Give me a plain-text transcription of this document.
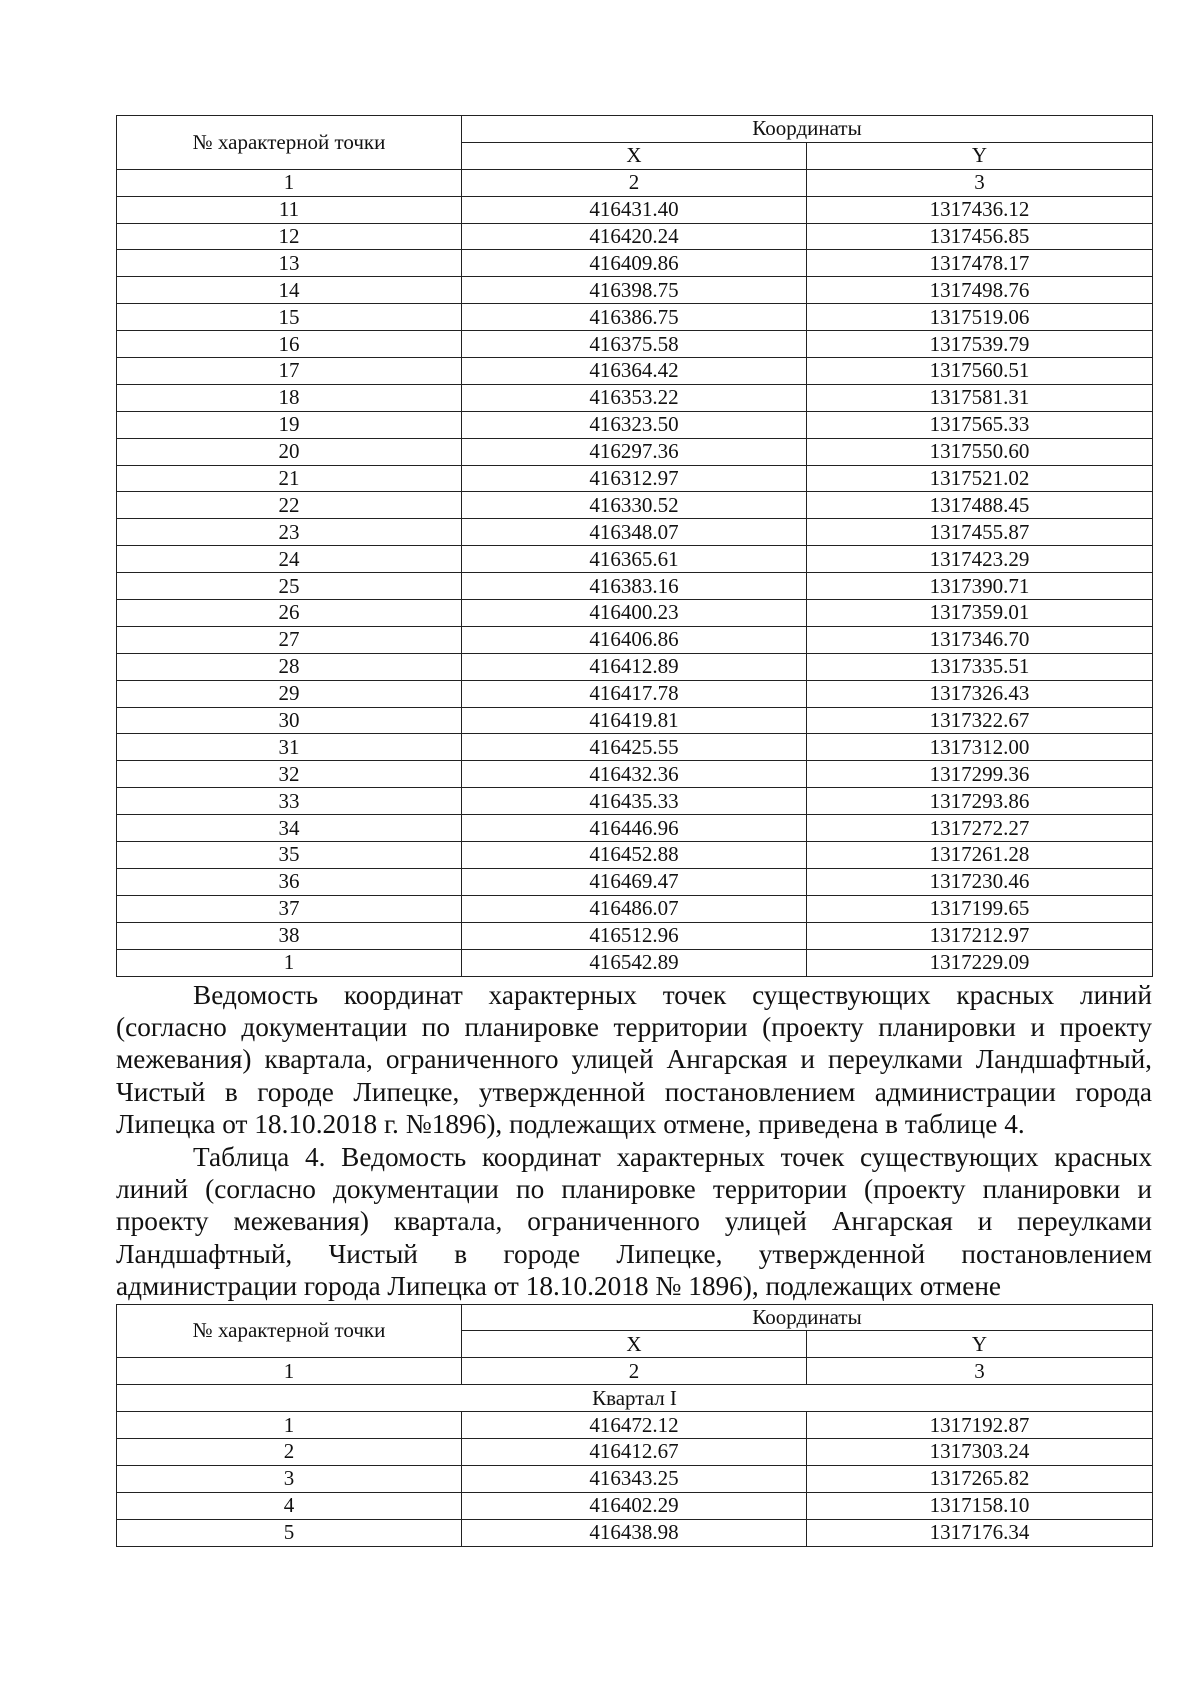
№ характерной точки	Координаты	
	X	Y
1	2	3
11	416431.40	1317436.12
12	416420.24	1317456.85
13	416409.86	1317478.17
14	416398.75	1317498.76
15	416386.75	1317519.06
16	416375.58	1317539.79
17	416364.42	1317560.51
18	416353.22	1317581.31
19	416323.50	1317565.33
20	416297.36	1317550.60
21	416312.97	1317521.02
22	416330.52	1317488.45
23	416348.07	1317455.87
24	416365.61	1317423.29
25	416383.16	1317390.71
26	416400.23	1317359.01
27	416406.86	1317346.70
28	416412.89	1317335.51
29	416417.78	1317326.43
30	416419.81	1317322.67
31	416425.55	1317312.00
32	416432.36	1317299.36
33	416435.33	1317293.86
34	416446.96	1317272.27
35	416452.88	1317261.28
36	416469.47	1317230.46
37	416486.07	1317199.65
38	416512.96	1317212.97
1	416542.89	1317229.09

Ведомость координат характерных точек существующих красных линий (согласно документации по планировке территории (проекту планировки и проекту межевания) квартала, ограниченного улицей Ангарская и переулками Ландшафтный, Чистый в городе Липецке, утвержденной постановлением администрации города Липецка от 18.10.2018 г. №1896), подлежащих отмене, приведена в таблице 4.

Таблица 4. Ведомость координат характерных точек существующих красных линий (согласно документации по планировке территории (проекту планировки и проекту межевания) квартала, ограниченного улицей Ангарская и переулками Ландшафтный, Чистый в городе Липецке, утвержденной постановлением администрации города Липецка от 18.10.2018 № 1896), подлежащих отмене

№ характерной точки	Координаты	
	X	Y
1	2	3
Квартал I		
1	416472.12	1317192.87
2	416412.67	1317303.24
3	416343.25	1317265.82
4	416402.29	1317158.10
5	416438.98	1317176.34
